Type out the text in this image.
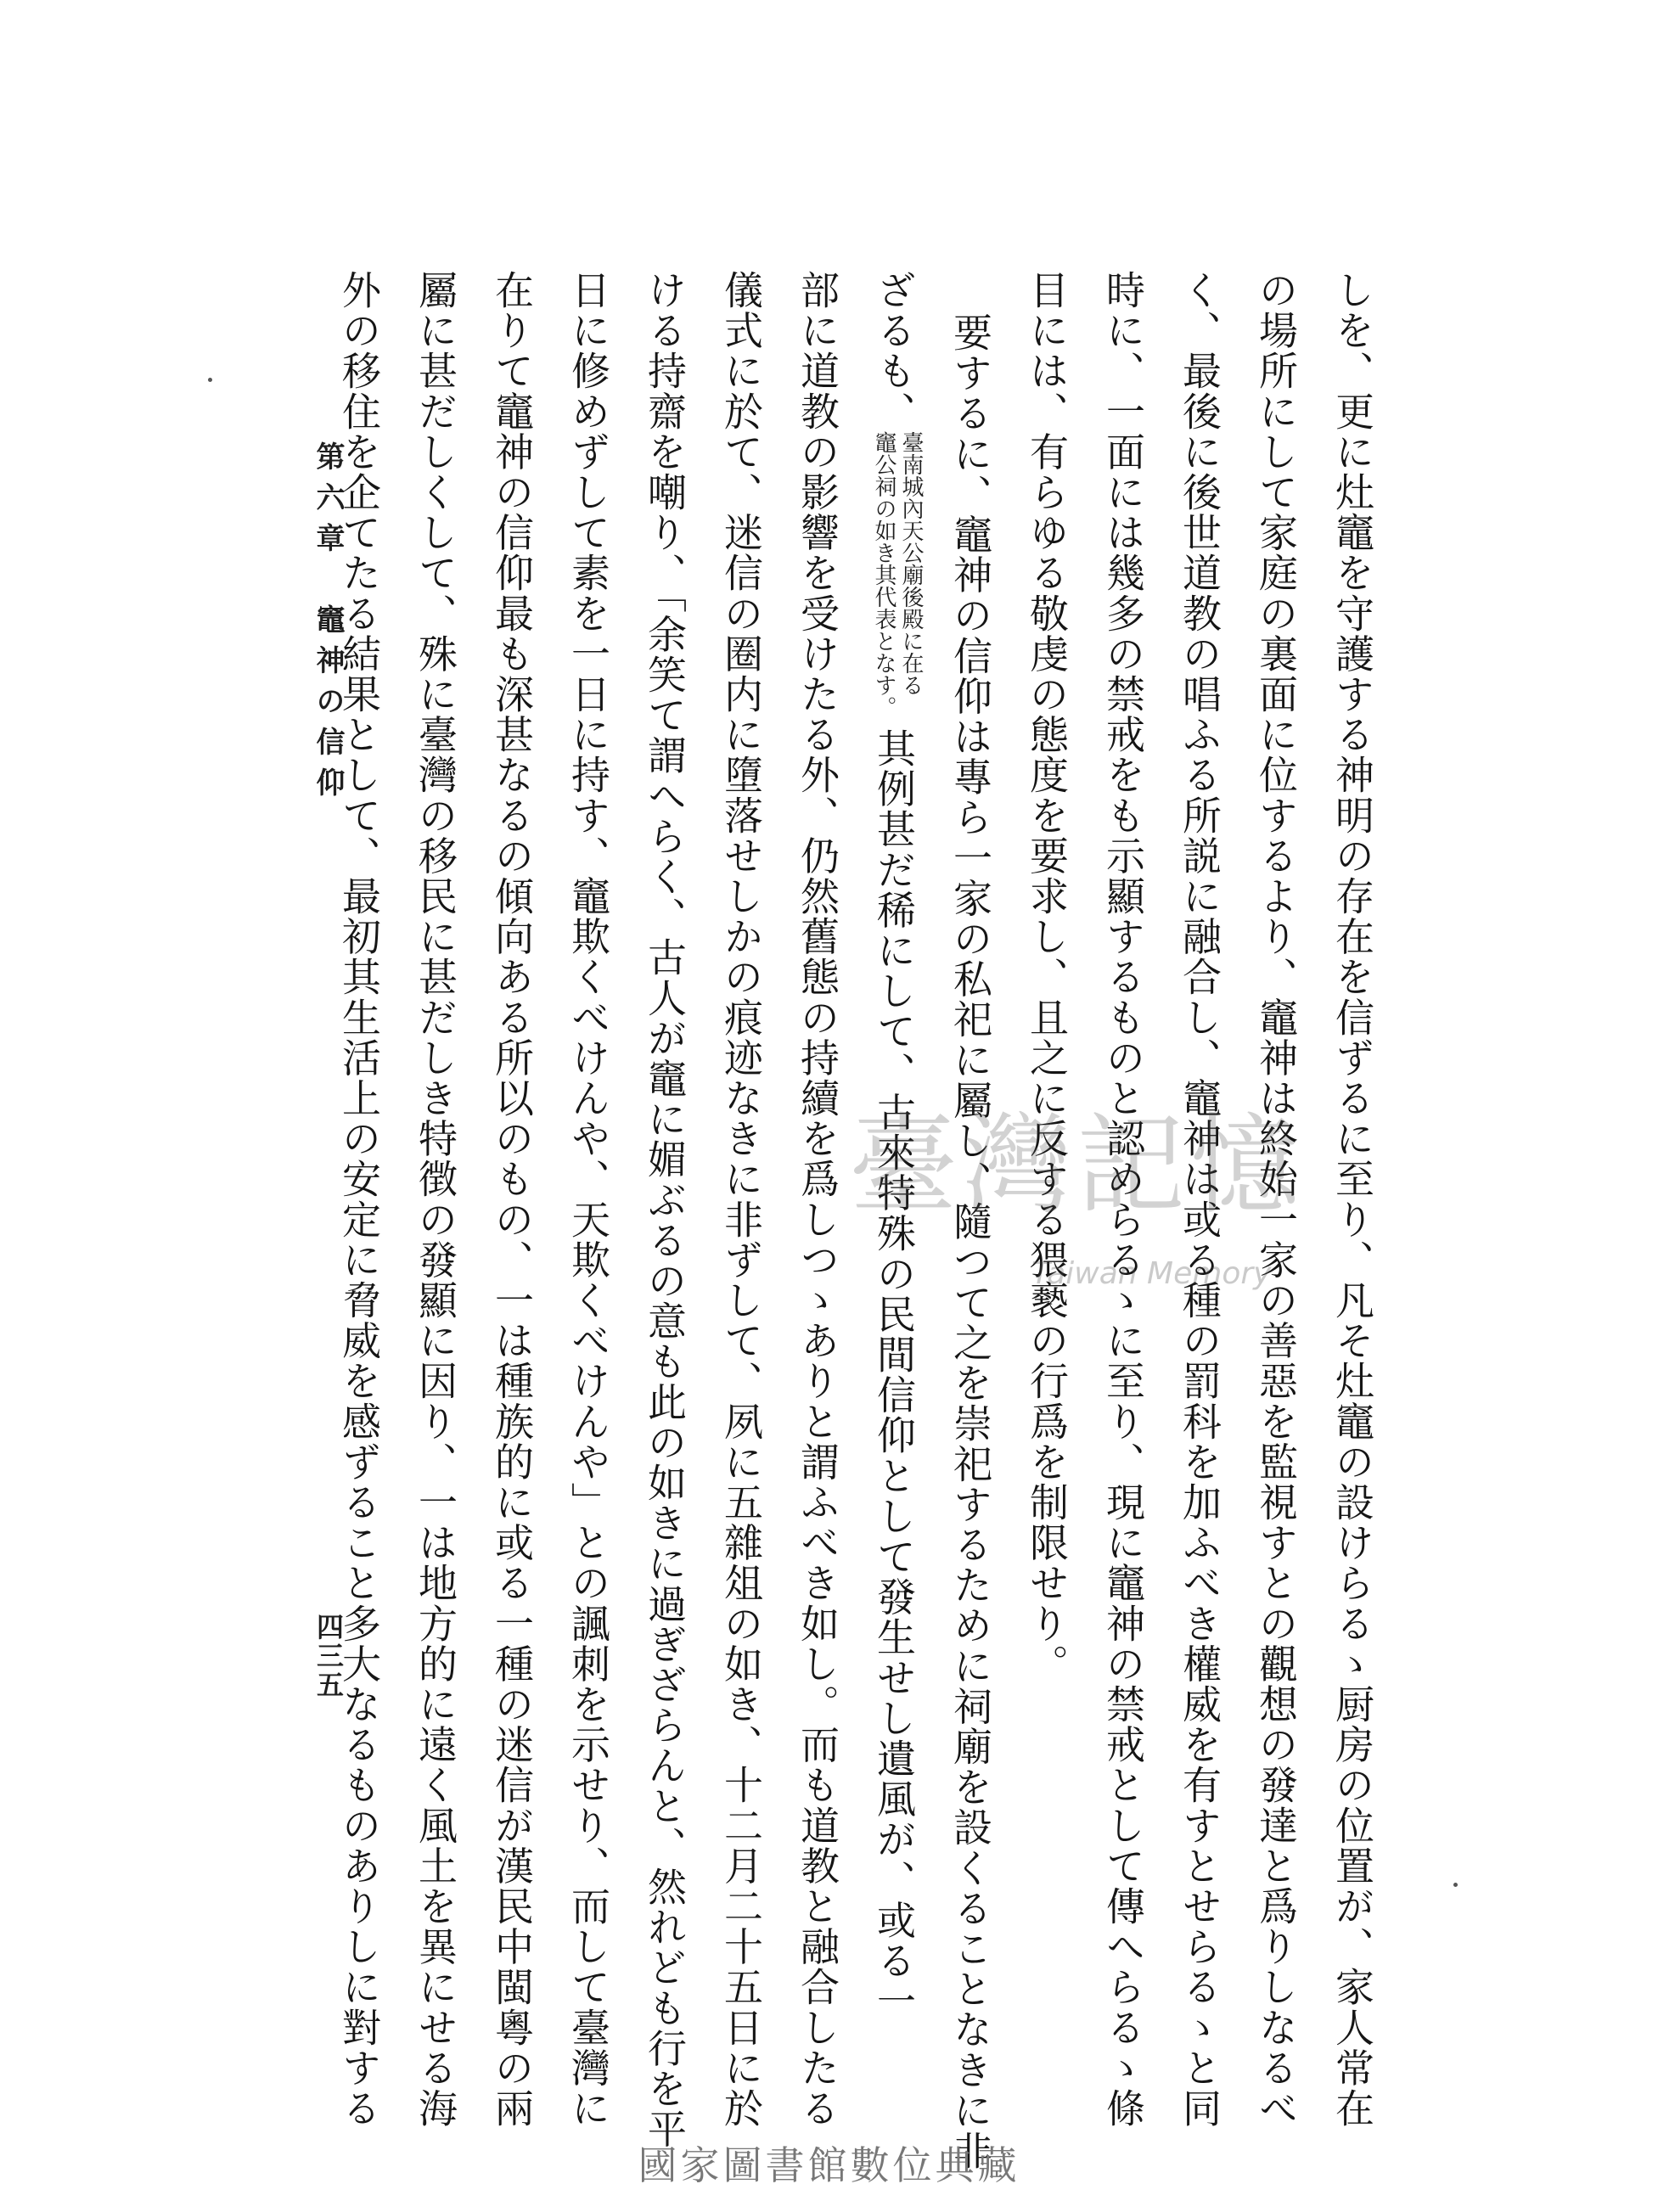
しを、更に灶竈を守護する神明の存在を信ずるに至り、凡そ灶竈の設けらるゝ厨房の位置が、家人常在
の場所にして家庭の裏面に位するより、竈神は終始一家の善惡を監視すとの觀想の發達と爲りしなるべ
く、最後に後世道教の唱ふる所説に融合し、竈神は或る種の罰科を加ふべき權威を有すとせらるゝと同
時に、一面には幾多の禁戒をも示顯するものと認めらるゝに至り、現に竈神の禁戒として傳へらるゝ條
目には、有らゆる敬虔の態度を要求し、且之に反する猥褻の行爲を制限せり。
要するに、竈神の信仰は專ら一家の私祀に屬し、隨つて之を崇祀するために祠廟を設くることなきに非
ざるも、
臺南城內天公廟後殿に在る
竈公祠の如き其代表となす。
其例甚だ稀にして、古來特殊の民間信仰として發生せし遺風が、或る一
部に道教の影響を受けたる外、仍然舊態の持續を爲しつゝありと謂ふべき如し。而も道教と融合したる
儀式に於て、迷信の圈内に墮落せしかの痕迹なきに非ずして、夙に五雜俎の如き、十二月二十五日に於
ける持齋を嘲り、「余笑て謂へらく、古人が竈に媚ぶるの意も此の如きに過ぎざらんと、然れども行を平
日に修めずして素を一日に持す、竈欺くべけんや、天欺くべけんや」との諷刺を示せり、而して臺灣に
在りて竈神の信仰最も深甚なるの傾向ある所以のもの、一は種族的に或る一種の迷信が漢民中閩粵の兩
屬に甚だしくして、殊に臺灣の移民に甚だしき特徴の發顯に因り、一は地方的に遠く風土を異にせる海
外の移住を企てたる結果として、最初其生活上の安定に脅威を感ずること多大なるものありしに對する
第六章　竈神の信仰
四三五
臺灣記憶
Taiwan Memory
國家圖書館數位典藏
